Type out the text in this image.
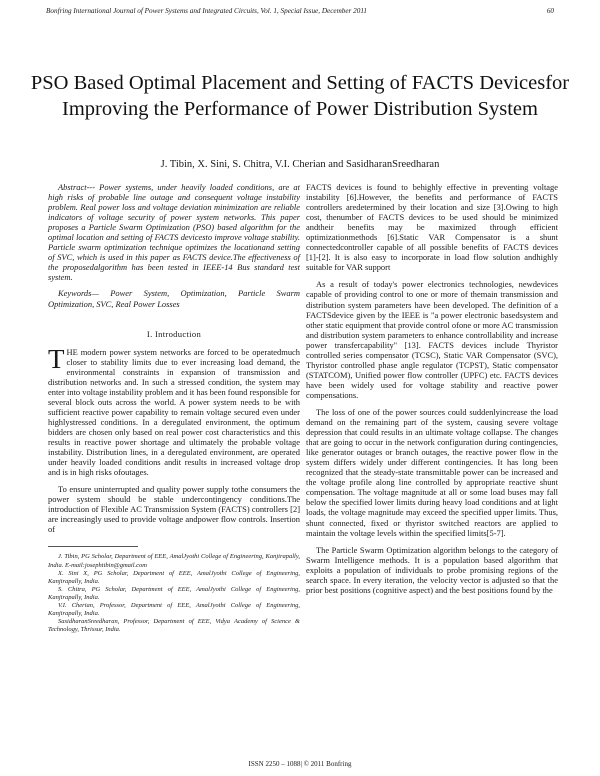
Bonfring International Journal of Power Systems and Integrated Circuits, Vol. 1, Special Issue, December 2011	60
PSO Based Optimal Placement and Setting of FACTS Devicesfor Improving the Performance of Power Distribution System
J. Tibin, X. Sini, S. Chitra, V.I. Cherian and SasidharanSreedharan

Abstract--- Power systems, under heavily loaded conditions, are at high risks of probable line outage and consequent voltage instability problem. Real power loss and voltage deviation minimization are reliable indicators of voltage security of power system networks. This paper proposes a Particle Swarm Optimization (PSO) based algorithm for the optimal location and setting of FACTS devicesto improve voltage stability. Particle swarm optimization technique optimizes the locationand setting of SVC, which is used in this paper as FACTS device.The effectiveness of the proposedalgorithm has been tested in IEEE-14 Bus standard test system.

Keywords— Power System, Optimization, Particle Swarm Optimization, SVC, Real Power Losses

I. Introduction

THE modern power system networks are forced to be operatedmuch closer to stability limits due to ever increasing load demand, the environmental constraints in expansion of transmission and distribution networks and. In such a stressed condition, the system may enter into voltage instability problem and it has been found responsible for several block outs across the world. A power system needs to be with sufficient reactive power capability to remain voltage secured even under highlystressed conditions. In a deregulated environment, the optimum bidders are chosen only based on real power cost characteristics and this results in reactive power shortage and ultimately the probable voltage instability. Distribution lines, in a deregulated environment, are operated under heavily loaded conditions andit results in increased voltage drop and is in high risks ofoutages.

To ensure uninterrupted and quality power supply tothe consumers the power system should be stable undercontingency conditions.The introduction of Flexible AC Transmission System (FACTS) controllers [2] are increasingly used to provide voltage andpower flow controls. Insertion of

J. Tibin, PG Scholar, Department of EEE, AmalJyothi College of Engineering, Kanjirapally, India. E-mail:josephtibin@gmail.com

X. Sini X, PG Scholar, Department of EEE, AmalJyothi College of Engineering, Kanjirapally, India.

S. Chitra, PG Scholar, Department of EEE, AmalJyothi College of Engineering, Kanjirapally, India.

V.I. Cherian, Professor, Department of EEE, AmalJyothi College of Engineering, Kanjirapally, India.

SasidharanSreedharan, Professor, Department of EEE, Vidya Academy of Science & Technology, Thrissur, India.

FACTS devices is found to behighly effective in preventing voltage instability [6].However, the benefits and performance of FACTS controllers aredetermined by their location and size [3].Owing to high cost, thenumber of FACTS devices to be used should be minimized andtheir benefits may be maximized through efficient optimizationmethods [6].Static VAR Compensator is a shunt connectedcontroller capable of all possible benefits of FACTS devices [1]-[2]. It is also easy to incorporate in load flow solution andhighly suitable for VAR support

As a result of today's power electronics technologies, newdevices capable of providing control to one or more of themain transmission and distribution system parameters have been developed. The definition of a FACTSdevice given by the IEEE is "a power electronic basedsystem and other static equipment that provide control ofone or more AC transmission and distribution system parameters to enhance controllability and increase power transfercapability" [13]. FACTS devices include Thyristor controlled series compensator (TCSC), Static VAR Compensator (SVC), Thyristor controlled phase angle regulator (TCPST), Static compensator (STATCOM), Unified power flow controller (UPFC) etc. FACTS devices have been widely used for voltage stability and reactive power compensations.

The loss of one of the power sources could suddenlyincrease the load demand on the remaining part of the system, causing severe voltage depression that could results in an ultimate voltage collapse. The changes that are going to occur in the network configuration during contingencies, like generator outages or branch outages, the reactive power flow in the system differs widely under different contingencies. It has long been recognized that the steady-state transmittable power can be increased and the voltage profile along line controlled by appropriate reactive shunt compensation. The voltage magnitude at all or some load buses may fall below the specified lower limits during heavy load conditions and at light loads, the voltage magnitude may exceed the specified upper limits. Thus, shunt connected, fixed or thyristor switched reactors are applied to maintain the voltage levels within the specified limits[5-7].

The Particle Swarm Optimization algorithm belongs to the category of Swarm Intelligence methods. It is a population based algorithm that exploits a population of individuals to probe promising regions of the search space. In every iteration, the velocity vector is adjusted so that the prior best positions (cognitive aspect) and the best positions found by the

ISSN 2250 – 1088| © 2011 Bonfring
